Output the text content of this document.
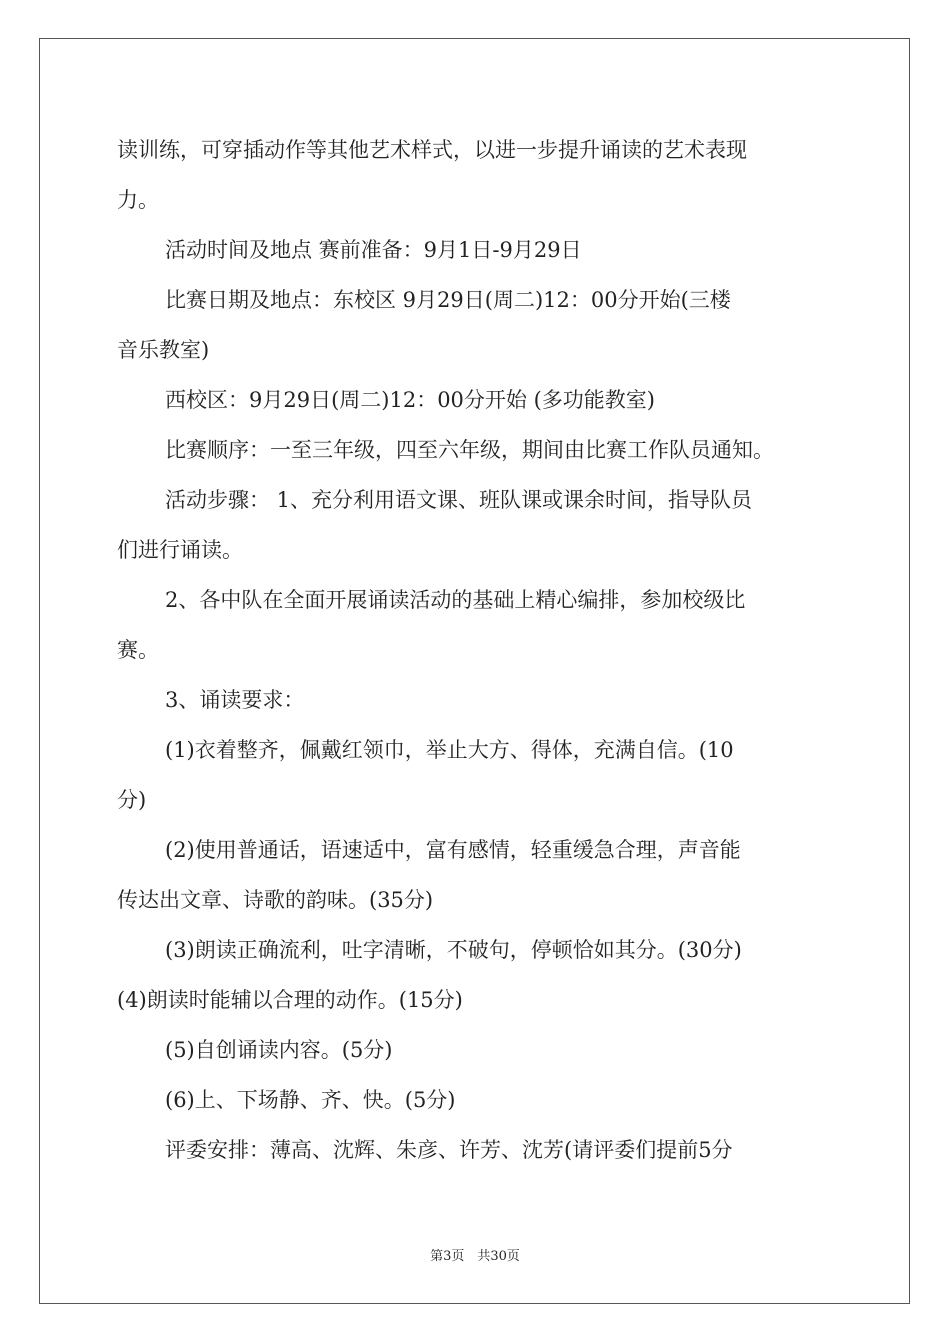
读训练，可穿插动作等其他艺术样式，以进一步提升诵读的艺术表现
力。
活动时间及地点 赛前准备：9月1日-9月29日
比赛日期及地点：东校区 9月29日(周二)12：00分开始(三楼
音乐教室)
西校区：9月29日(周二)12：00分开始 (多功能教室)
比赛顺序：一至三年级，四至六年级，期间由比赛工作队员通知。
活动步骤： 1、充分利用语文课、班队课或课余时间，指导队员
们进行诵读。
2、各中队在全面开展诵读活动的基础上精心编排，参加校级比
赛。
3、诵读要求：
(1)衣着整齐，佩戴红领巾，举止大方、得体，充满自信。(10
分)
(2)使用普通话，语速适中，富有感情，轻重缓急合理，声音能
传达出文章、诗歌的韵味。(35分)
(3)朗读正确流利，吐字清晰，不破句，停顿恰如其分。(30分)
(4)朗读时能辅以合理的动作。(15分)
(5)自创诵读内容。(5分)
(6)上、下场静、齐、快。(5分)
评委安排：薄高、沈辉、朱彦、许芳、沈芳(请评委们提前5分
第3页　共30页
